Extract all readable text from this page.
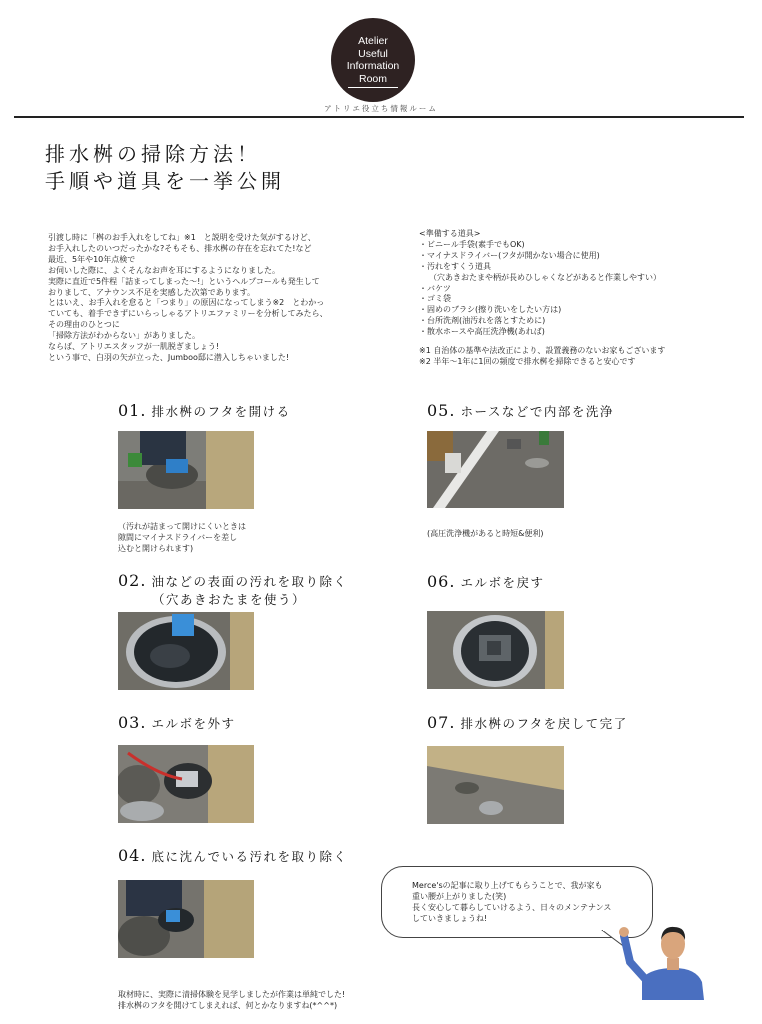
Atelier
Useful
Information
Room
アトリエ役立ち情報ルーム
排水桝の掃除方法！
手順や道具を一挙公開
引渡し時に「桝のお手入れをしてね」※1　と説明を受けた気がするけど、
お手入れしたのいつだったかな?そもそも、排水桝の存在を忘れてた!など
最近、5年や10年点検で
お伺いした際に、よくそんなお声を耳にするようになりました。
実際に直近で5件程「詰まってしまった～!」というヘルプコールも発生して
おりまして、アナウンス不足を実感した次第であります。
とはいえ、お手入れを怠ると「つまり」の原因になってしまう※2　とわかっ
ていても、着手できずにいらっしゃるアトリエファミリーを分析してみたら、
その理由のひとつに
「掃除方法がわからない」がありました。
ならば、アトリエスタッフが一肌脱ぎましょう!
という事で、白羽の矢が立った、Jumboo邸に潜入しちゃいました!
<準備する道具>
・ビニール手袋(素手でもOK)
・マイナスドライバー(フタが開かない場合に使用)
・汚れをすくう道具
（穴あきおたまや柄が長めひしゃくなどがあると作業しやすい）
・バケツ
・ゴミ袋
・固めのブラシ(擦り洗いをしたい方は)
・台所洗剤(油汚れを落とすために)
・散水ホースや高圧洗浄機(あれば)
※1 自治体の基準や法改正により、設置義務のないお家もございます
※2 半年～1年に1回の頻度で排水桝を掃除できると安心です
01. 排水桝のフタを開ける
（汚れが詰まって開けにくいときは
隙間にマイナスドライバーを差し
込むと開けられます)
02. 油などの表面の汚れを取り除く
（穴あきおたまを使う）
03. エルボを外す
04. 底に沈んでいる汚れを取り除く
05. ホースなどで内部を洗浄
(高圧洗浄機があると時短&便利)
06. エルボを戻す
07. 排水桝のフタを戻して完了
Merce'sの記事に取り上げてもらうことで、我が家も
重い腰が上がりました(笑)
長く安心して暮らしていけるよう、日々のメンテナンス
していきましょうね!
取材時に、実際に清掃体験を見学しましたが作業は単純でした!
排水桝のフタを開けてしまえれば、何とかなりますね(*^^*)
